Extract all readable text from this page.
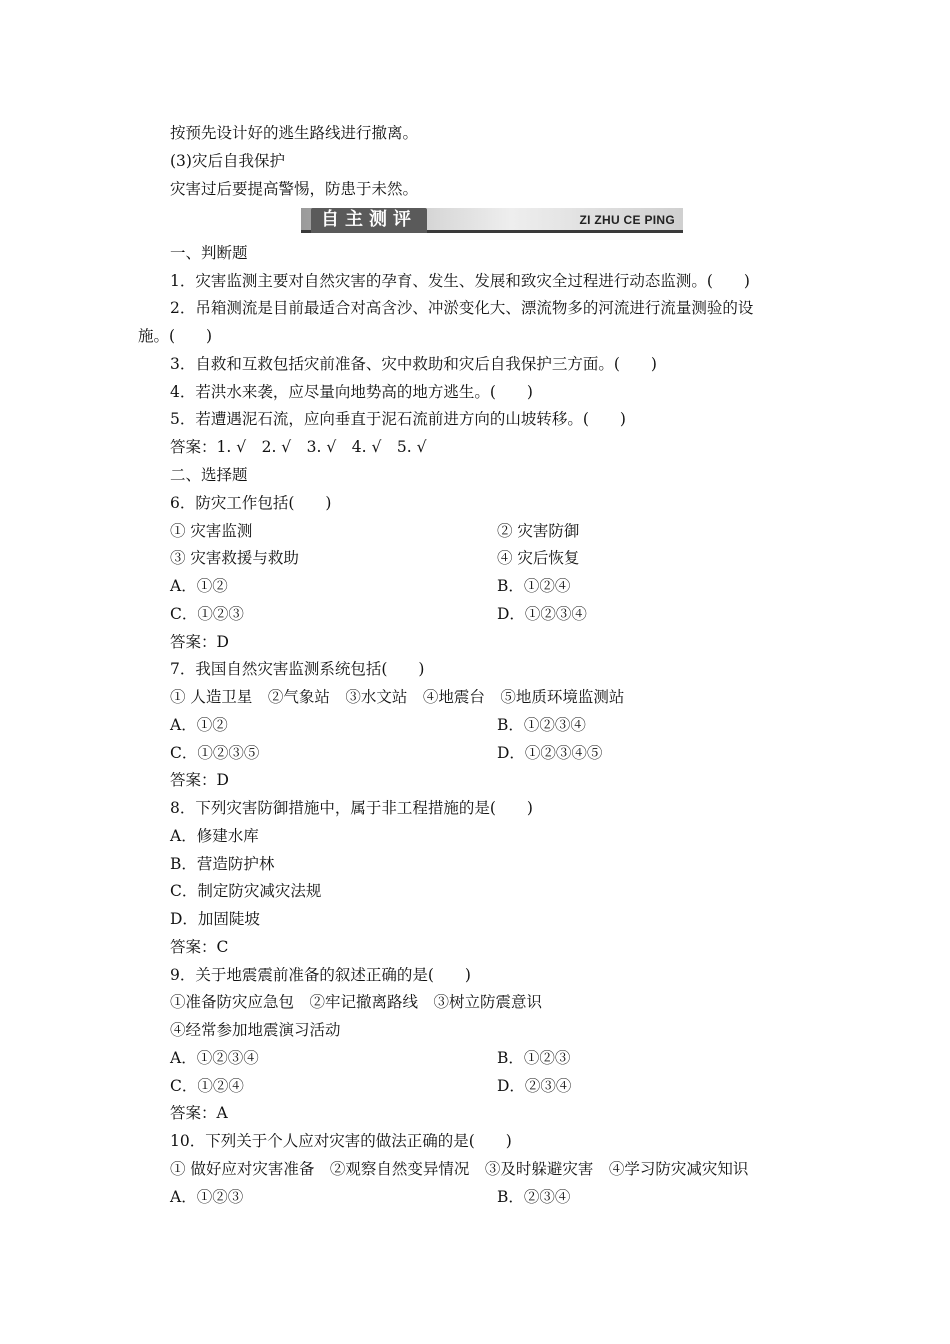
按预先设计好的逃生路线进行撤离。
(3)灾后自我保护
灾害过后要提高警惕，防患于未然。
自主测评	ZI ZHU CE PING
一、判断题
1．灾害监测主要对自然灾害的孕育、发生、发展和致灾全过程进行动态监测。(　　)
2．吊箱测流是目前最适合对高含沙、冲淤变化大、漂流物多的河流进行流量测验的设
施。(　　)
3．自救和互救包括灾前准备、灾中救助和灾后自我保护三方面。(　　)
4．若洪水来袭，应尽量向地势高的地方逃生。(　　)
5．若遭遇泥石流，应向垂直于泥石流前进方向的山坡转移。(　　)
答案：1. √　2. √　3. √　4. √　5. √
二、选择题
6．防灾工作包括(　　)
① 灾害监测	② 灾害防御
③ 灾害救援与救助	④ 灾后恢复
A．①②	B．①②④
C．①②③	D．①②③④
答案：D
7．我国自然灾害监测系统包括(　　)
① 人造卫星　②气象站　③水文站　④地震台　⑤地质环境监测站
A．①②	B．①②③④
C．①②③⑤	D．①②③④⑤
答案：D
8．下列灾害防御措施中，属于非工程措施的是(　　)
A．修建水库
B．营造防护林
C．制定防灾减灾法规
D．加固陡坡
答案：C
9．关于地震震前准备的叙述正确的是(　　)
①准备防灾应急包　②牢记撤离路线　③树立防震意识
④经常参加地震演习活动
A．①②③④	B．①②③
C．①②④	D．②③④
答案：A
10．下列关于个人应对灾害的做法正确的是(　　)
① 做好应对灾害准备　②观察自然变异情况　③及时躲避灾害　④学习防灾减灾知识
A．①②③	B．②③④
